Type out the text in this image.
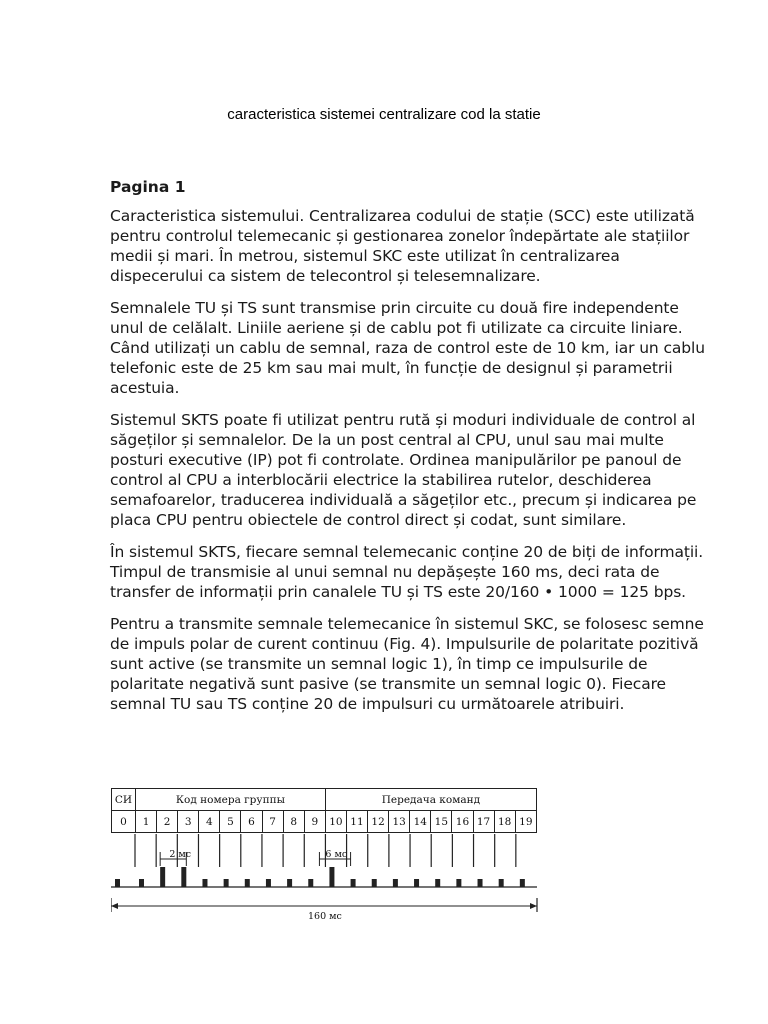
caracteristica sistemei centralizare cod la statie
Pagina 1

Caracteristica sistemului. Centralizarea codului de stație (SCC) este utilizată pentru controlul telemecanic și gestionarea zonelor îndepărtate ale stațiilor medii și mari. În metrou, sistemul SKC este utilizat în centralizarea dispecerului ca sistem de telecontrol și telesemnalizare.

Semnalele TU și TS sunt transmise prin circuite cu două fire independente unul de celălalt. Liniile aeriene și de cablu pot fi utilizate ca circuite liniare. Când utilizați un cablu de semnal, raza de control este de 10 km, iar un cablu telefonic este de 25 km sau mai mult, în funcție de designul și parametrii acestuia.

Sistemul SKTS poate fi utilizat pentru rută și moduri individuale de control al săgeților și semnalelor. De la un post central al CPU, unul sau mai multe posturi executive (IP) pot fi controlate. Ordinea manipulărilor pe panoul de control al CPU a interblocării electrice la stabilirea rutelor, deschiderea semafoarelor, traducerea individuală a săgeților etc., precum și indicarea pe placa CPU pentru obiectele de control direct și codat, sunt similare.

În sistemul SKTS, fiecare semnal telemecanic conține 20 de biți de informații. Timpul de transmisie al unui semnal nu depășește 160 ms, deci rata de transfer de informații prin canalele TU și TS este 20/160 • 1000 = 125 bps.

Pentru a transmite semnale telemecanice în sistemul SKC, se folosesc semne de impuls polar de curent continuu (Fig. 4). Impulsurile de polaritate pozitivă sunt active (se transmite un semnal logic 1), în timp ce impulsurile de polaritate negativă sunt pasive (se transmite un semnal logic 0). Fiecare semnal TU sau TS conține 20 de impulsuri cu următoarele atribuiri.

СИ	Код номера группы									Передача команд									
0	1	2	3	4	5	6	7	8	9	10	11	12	13	14	15	16	17	18	19
2 мс	6 мс
160 мс
